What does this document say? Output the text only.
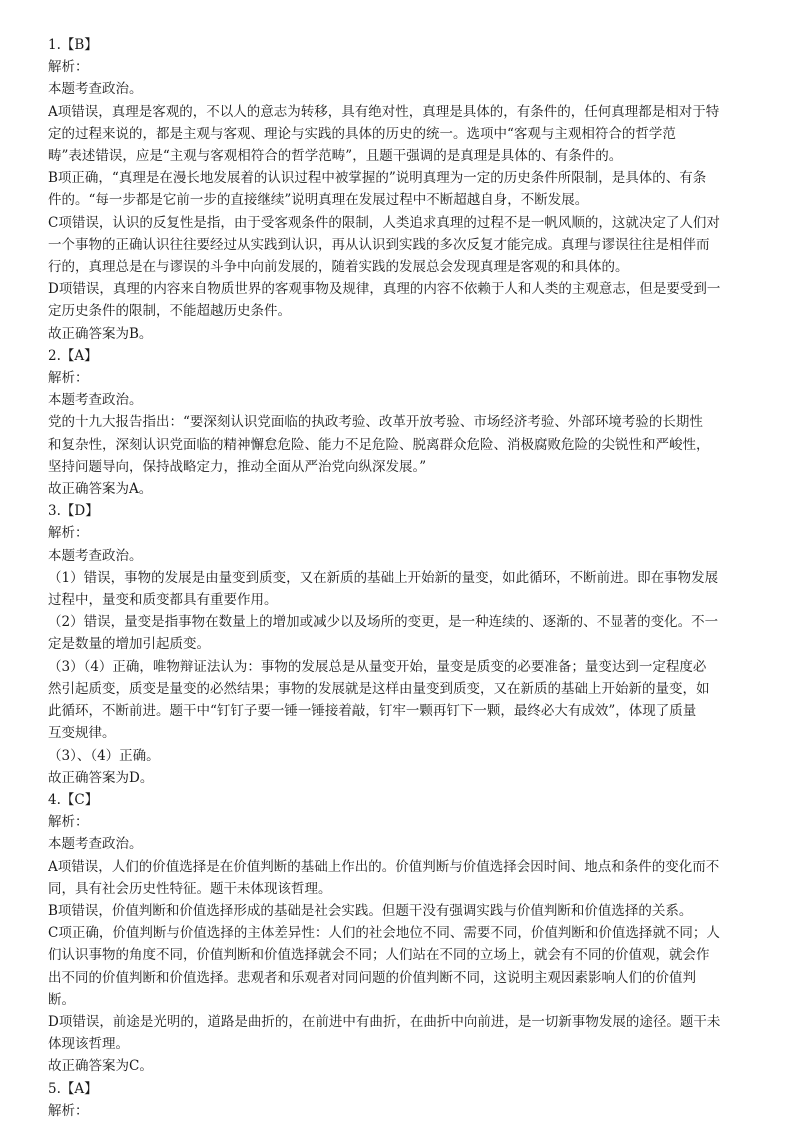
1.【B】
解析：
本题考查政治。
A项错误，真理是客观的，不以人的意志为转移，具有绝对性，真理是具体的，有条件的，任何真理都是相对于特
定的过程来说的，都是主观与客观、理论与实践的具体的历史的统一。选项中“客观与主观相符合的哲学范
畴”表述错误，应是“主观与客观相符合的哲学范畴”，且题干强调的是真理是具体的、有条件的。
B项正确，“真理是在漫长地发展着的认识过程中被掌握的”说明真理为一定的历史条件所限制，是具体的、有条
件的。“每一步都是它前一步的直接继续”说明真理在发展过程中不断超越自身，不断发展。
C项错误，认识的反复性是指，由于受客观条件的限制，人类追求真理的过程不是一帆风顺的，这就决定了人们对
一个事物的正确认识往往要经过从实践到认识，再从认识到实践的多次反复才能完成。真理与谬误往往是相伴而
行的，真理总是在与谬误的斗争中向前发展的，随着实践的发展总会发现真理是客观的和具体的。
D项错误，真理的内容来自物质世界的客观事物及规律，真理的内容不依赖于人和人类的主观意志，但是要受到一
定历史条件的限制，不能超越历史条件。
故正确答案为B。
2.【A】
解析：
本题考查政治。
党的十九大报告指出：“要深刻认识党面临的执政考验、改革开放考验、市场经济考验、外部环境考验的长期性
和复杂性，深刻认识党面临的精神懈怠危险、能力不足危险、脱离群众危险、消极腐败危险的尖锐性和严峻性，
坚持问题导向，保持战略定力，推动全面从严治党向纵深发展。”
故正确答案为A。
3.【D】
解析：
本题考查政治。
（1）错误，事物的发展是由量变到质变，又在新质的基础上开始新的量变，如此循环，不断前进。即在事物发展
过程中，量变和质变都具有重要作用。
（2）错误，量变是指事物在数量上的增加或减少以及场所的变更，是一种连续的、逐渐的、不显著的变化。不一
定是数量的增加引起质变。
（3）（4）正确，唯物辩证法认为：事物的发展总是从量变开始，量变是质变的必要准备；量变达到一定程度必
然引起质变，质变是量变的必然结果；事物的发展就是这样由量变到质变，又在新质的基础上开始新的量变，如
此循环，不断前进。题干中“钉钉子要一锤一锤接着敲，钉牢一颗再钉下一颗，最终必大有成效”，体现了质量
互变规律。
（3）、（4）正确。
故正确答案为D。
4.【C】
解析：
本题考查政治。
A项错误，人们的价值选择是在价值判断的基础上作出的。价值判断与价值选择会因时间、地点和条件的变化而不
同，具有社会历史性特征。题干未体现该哲理。
B项错误，价值判断和价值选择形成的基础是社会实践。但题干没有强调实践与价值判断和价值选择的关系。
C项正确，价值判断与价值选择的主体差异性：人们的社会地位不同、需要不同，价值判断和价值选择就不同；人
们认识事物的角度不同，价值判断和价值选择就会不同；人们站在不同的立场上，就会有不同的价值观，就会作
出不同的价值判断和价值选择。悲观者和乐观者对同问题的价值判断不同，这说明主观因素影响人们的价值判
断。
D项错误，前途是光明的，道路是曲折的，在前进中有曲折，在曲折中向前进，是一切新事物发展的途径。题干未
体现该哲理。
故正确答案为C。
5.【A】
解析：
